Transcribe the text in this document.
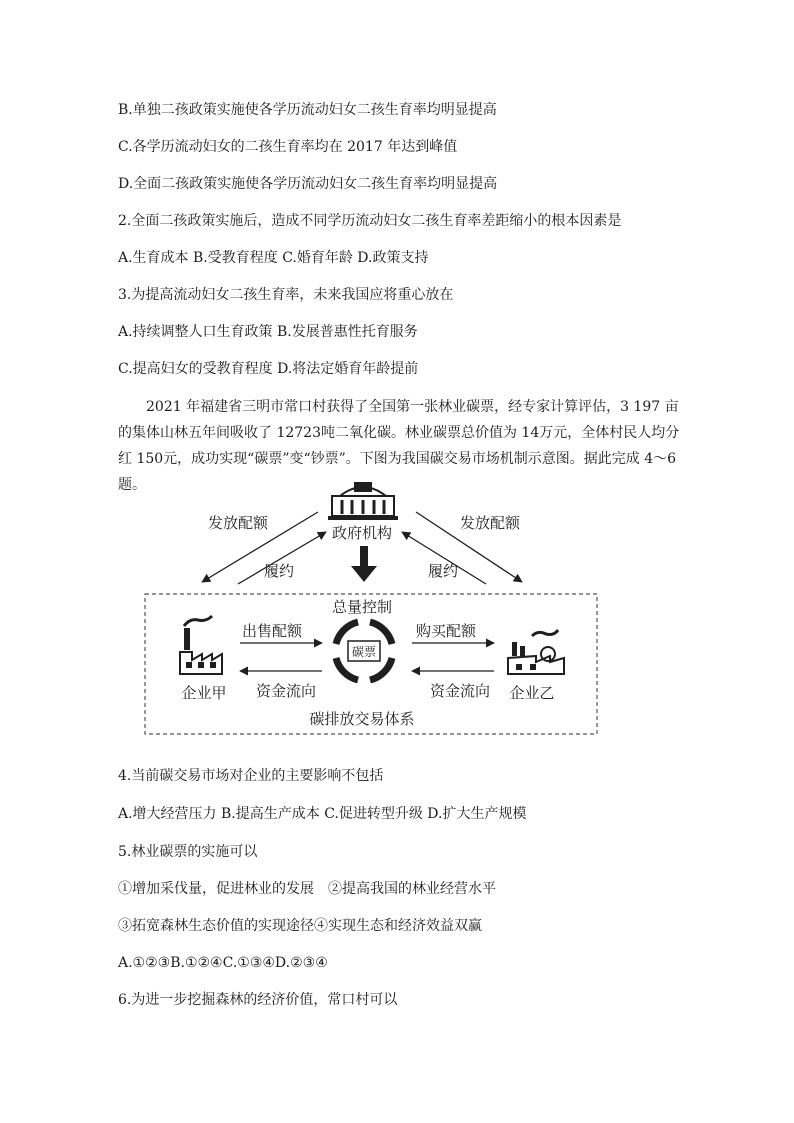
B.单独二孩政策实施使各学历流动妇女二孩生育率均明显提高
C.各学历流动妇女的二孩生育率均在 2017 年达到峰值
D.全面二孩政策实施使各学历流动妇女二孩生育率均明显提高
2.全面二孩政策实施后，造成不同学历流动妇女二孩生育率差距缩小的根本因素是
A.生育成本 B.受教育程度 C.婚育年龄 D.政策支持
3.为提高流动妇女二孩生育率，未来我国应将重心放在
A.持续调整人口生育政策 B.发展普惠性托育服务
C.提高妇女的受教育程度 D.将法定婚育年龄提前
2021 年福建省三明市常口村获得了全国第一张林业碳票，经专家计算评估，3 197 亩的集体山林五年间吸收了 12723吨二氧化碳。林业碳票总价值为 14万元，全体村民人均分红 150元，成功实现“碳票”变“钞票”。下图为我国碳交易市场机制示意图。据此完成 4～6 题。
政府机构
发放配额
履约
发放配额
履约
总量控制
碳票
出售配额
资金流向
购买配额
资金流向
企业甲	企业乙
碳排放交易体系
4.当前碳交易市场对企业的主要影响不包括
A.增大经营压力 B.提高生产成本 C.促进转型升级 D.扩大生产规模
5.林业碳票的实施可以
①增加采伐量，促进林业的发展　②提高我国的林业经营水平
③拓宽森林生态价值的实现途径④实现生态和经济效益双赢
A.①②③B.①②④C.①③④D.②③④
6.为进一步挖掘森林的经济价值，常口村可以
